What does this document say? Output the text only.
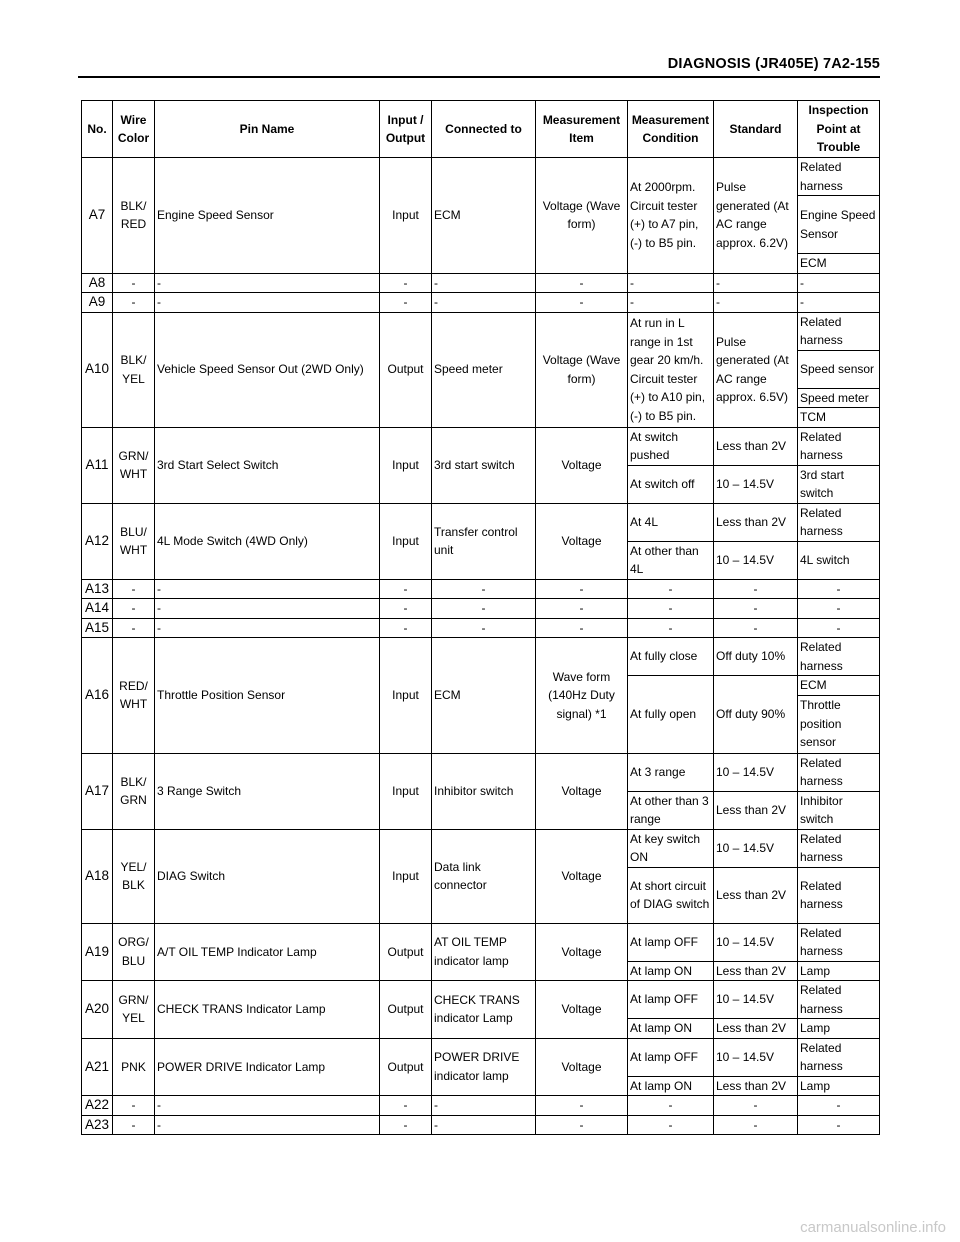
DIAGNOSIS (JR405E) 7A2-155
No.	Wire Color	Pin Name	Input / Output	Connected to	Measurement Item	Measurement Condition	Standard	Inspection Point at Trouble
A7	BLK/ RED	Engine Speed Sensor	Input	ECM	Voltage (Wave form)	At 2000rpm. Circuit tester (+) to A7 pin, (-) to B5 pin.	Pulse generated (At AC range approx. 6.2V)	Related harness
								Engine Speed Sensor
								ECM
A8	-	-	-	-	-	-	-	-
A9	-	-	-	-	-	-	-	-
A10	BLK/ YEL	Vehicle Speed Sensor Out (2WD Only)	Output	Speed meter	Voltage (Wave form)	At run in L range in 1st gear 20 km/h. Circuit tester (+) to A10 pin, (-) to B5 pin.	Pulse generated (At AC range approx. 6.5V)	Related harness
								Speed sensor
								Speed meter
								TCM
A11	GRN/ WHT	3rd Start Select Switch	Input	3rd start switch	Voltage	At switch pushed	Less than 2V	Related harness
						At switch off	10 – 14.5V	3rd start switch
A12	BLU/ WHT	4L Mode Switch (4WD Only)	Input	Transfer control unit	Voltage	At 4L	Less than 2V	Related harness
						At other than 4L	10 – 14.5V	4L switch
A13	-	-	-	-	-	-	-	-
A14	-	-	-	-	-	-	-	-
A15	-	-	-	-	-	-	-	-
A16	RED/ WHT	Throttle Position Sensor	Input	ECM	Wave form (140Hz Duty signal) *1	At fully close	Off duty 10%	Related harness
						At fully open	Off duty 90%	ECM
								Throttle position sensor
A17	BLK/ GRN	3 Range Switch	Input	Inhibitor switch	Voltage	At 3 range	10 – 14.5V	Related harness
						At other than 3 range	Less than 2V	Inhibitor switch
A18	YEL/ BLK	DIAG Switch	Input	Data link connector	Voltage	At key switch ON	10 – 14.5V	Related harness
						At short circuit of DIAG switch	Less than 2V	Related harness
A19	ORG/ BLU	A/T OIL TEMP Indicator Lamp	Output	AT OIL TEMP indicator lamp	Voltage	At lamp OFF	10 – 14.5V	Related harness
						At lamp ON	Less than 2V	Lamp
A20	GRN/ YEL	CHECK TRANS Indicator Lamp	Output	CHECK TRANS indicator Lamp	Voltage	At lamp OFF	10 – 14.5V	Related harness
						At lamp ON	Less than 2V	Lamp
A21	PNK	POWER DRIVE Indicator Lamp	Output	POWER DRIVE indicator lamp	Voltage	At lamp OFF	10 – 14.5V	Related harness
						At lamp ON	Less than 2V	Lamp
A22	-	-	-	-	-	-	-	-
A23	-	-	-	-	-	-	-	-
carmanualsonline.info
